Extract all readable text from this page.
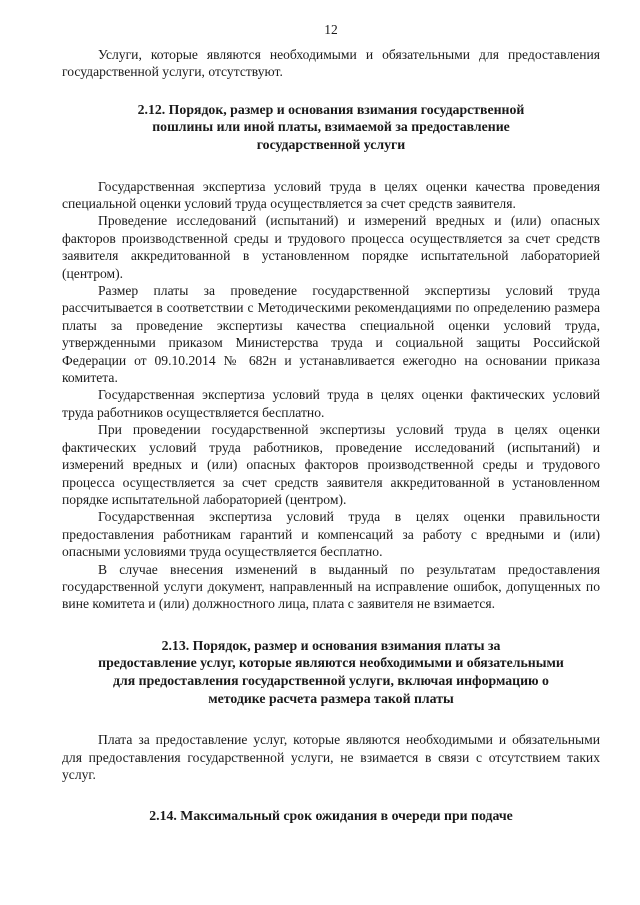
12

Услуги, которые являются необходимыми и обязательными для предоставления государственной услуги, отсутствуют.

2.12. Порядок, размер и основания взимания государственной
пошлины или иной платы, взимаемой за предоставление
государственной услуги

Государственная экспертиза условий труда в целях оценки качества проведения специальной оценки условий труда осуществляется за счет средств заявителя.

Проведение исследований (испытаний) и измерений вредных и (или) опасных факторов производственной среды и трудового процесса осуществляется за счет средств заявителя аккредитованной в установленном порядке испытательной лабораторией (центром).

Размер платы за проведение государственной экспертизы условий труда рассчитывается в соответствии с Методическими рекомендациями по определению размера платы за проведение экспертизы качества специальной оценки условий труда, утвержденными приказом Министерства труда и социальной защиты Российской Федерации от 09.10.2014 № 682н и устанавливается ежегодно на основании приказа комитета.

Государственная экспертиза условий труда в целях оценки фактических условий труда работников осуществляется бесплатно.

При проведении государственной экспертизы условий труда в целях оценки фактических условий труда работников, проведение исследований (испытаний) и измерений вредных и (или) опасных факторов производственной среды и трудового процесса осуществляется за счет средств заявителя аккредитованной в установленном порядке испытательной лабораторией (центром).

Государственная экспертиза условий труда в целях оценки правильности предоставления работникам гарантий и компенсаций за работу с вредными и (или) опасными условиями труда осуществляется бесплатно.

В случае внесения изменений в выданный по результатам предоставления государственной услуги документ, направленный на исправление ошибок, допущенных по вине комитета и (или) должностного лица, плата с заявителя не взимается.

2.13. Порядок, размер и основания взимания платы за
предоставление услуг, которые являются необходимыми и обязательными
для предоставления государственной услуги, включая информацию о
методике расчета размера такой платы

Плата за предоставление услуг, которые являются необходимыми и обязательными для предоставления государственной услуги, не взимается в связи с отсутствием таких услуг.

2.14. Максимальный срок ожидания в очереди при подаче
